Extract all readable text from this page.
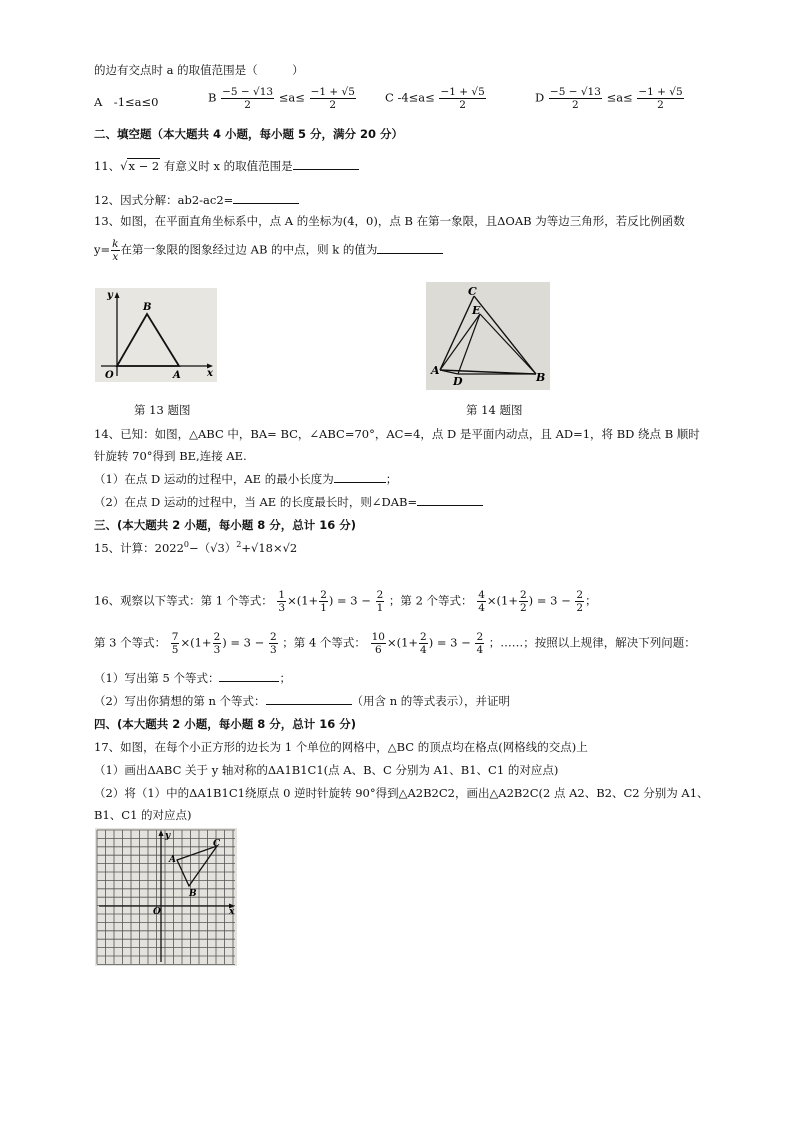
的边有交点时 a 的取值范围是（　　　）
A　-1≤a≤0	B $\frac{-5 - √13}{2} \le a\le \frac{-1 + √5}{2}$	C $-4\le a\le \frac{-1 + √5}{2}$	D $\frac{-5 - √13}{2} \le a\le \frac{-1 + √5}{2}$
二、填空题（本大题共 4 小题，每小题 5 分，满分 20 分）
11、√x − 2 有意义时 x 的取值范围是
12、因式分解：ab2-ac2=
13、如图，在平面直角坐标系中，点 A 的坐标为(4，0)，点 B 在第一象限，且ΔOAB 为等边三角形，若反比例函数
$y= \frac{k}{x}$ 在第一象限的图象经过边 AB 的中点，则 k 的值为
y
x
O	A
B
第 13 题图
C
E
A
D	B
第 14 题图
14、已知：如图，△ABC 中，BA= BC，∠ABC=70°，AC=4，点 D 是平面内动点，且 AD=1，将 BD 绕点 B 顺时
针旋转 70°得到 BE,连接 AE.
（1）在点 D 运动的过程中，AE 的最小长度为	；
（2）在点 D 运动的过程中，当 AE 的长度最长时，则∠DAB=
三、(本大题共 2 小题，每小题 8 分，总计 16 分)
15、计算：$2022^0-(√3)^2+√18\times√2$
16、观察以下等式：第 1 个等式： $\frac{1}{3} \times(1+ \frac{2}{1}$ ) = $3 - \frac{2}{1}$ ；第 2 个等式： $\frac{4}{4} \times(1+ \frac{2}{2}$ ) = $3 - \frac{2}{2}$ ；
第 3 个等式： $\frac{7}{5} \times(1+ \frac{2}{3}$ ) = $3 - \frac{2}{3}$ ；第 4 个等式： $\frac{10}{6} \times(1+ \frac{2}{4}$ ) = $3 - \frac{2}{4}$ ；……；按照以上规律，解决下列问题：
（1）写出第 5 个等式：	；
（2）写出你猜想的第 n 个等式：	（用含 n 的等式表示），并证明
四、(本大题共 2 小题，每小题 8 分，总计 16 分)
17、如图，在每个小正方形的边长为 1 个单位的网格中，△BC 的顶点均在格点(网格线的交点)上
（1）画出ΔABC 关于 y 轴对称的ΔA1B1C1(点 A、B、C 分别为 A1、B1、C1 的对应点)
（2）将（1）中的ΔA1B1C1绕原点 0 逆时针旋转 90°得到△A2B2C2，画出△A2B2C(2 点 A2、B2、C2 分别为 A1、
B1、C1 的对应点)
y
x
O
A
B
C
